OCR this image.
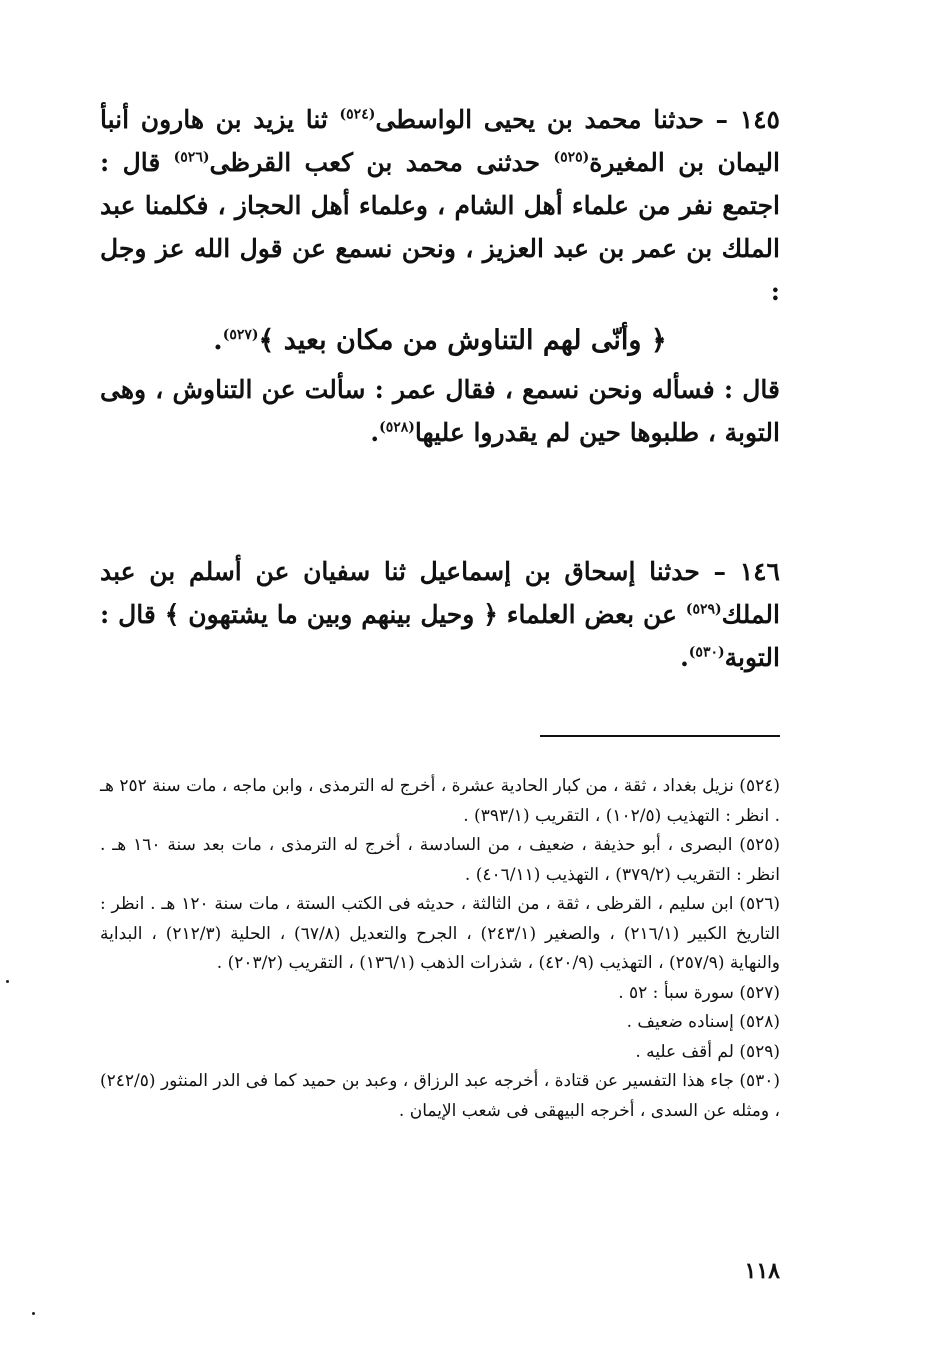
١٤٥ – حدثنا محمد بن يحيى الواسطى$^{(٥٢٤)}$ ثنا يزيد بن هارون أنبأ اليمان بن المغيرة$^{(٥٢٥)}$ حدثنى محمد بن كعب القرظى$^{(٥٢٦)}$ قال : اجتمع نفر من علماء أهل الشام ، وعلماء أهل الحجاز ، فكلمنا عبد الملك بن عمر بن عبد العزيز ، ونحن نسمع عن قول الله عز وجل :

﴿ وأنّى لهم التناوش من مكان بعيد ﴾$^{(٥٢٧)}$.

قال : فسأله ونحن نسمع ، فقال عمر : سألت عن التناوش ، وهى التوبة ، طلبوها حين لم يقدروا عليها$^{(٥٢٨)}$.

١٤٦ – حدثنا إسحاق بن إسماعيل ثنا سفيان عن أسلم بن عبد الملك$^{(٥٢٩)}$ عن بعض العلماء ﴿ وحيل بينهم وبين ما يشتهون ﴾ قال : التوبة$^{(٥٣٠)}$.

(٥٢٤) نزيل بغداد ، ثقة ، من كبار الحادية عشرة ، أخرج له الترمذى ، وابن ماجه ، مات سنة ٢٥٢ هـ . انظر : التهذيب (١٠٢/٥) ، التقريب (٣٩٣/١) .

(٥٢٥) البصرى ، أبو حذيفة ، ضعيف ، من السادسة ، أخرج له الترمذى ، مات بعد سنة ١٦٠ هـ . انظر : التقريب (٣٧٩/٢) ، التهذيب (٤٠٦/١١) .

(٥٢٦) ابن سليم ، القرظى ، ثقة ، من الثالثة ، حديثه فى الكتب الستة ، مات سنة ١٢٠ هـ . انظر : التاريخ الكبير (٢١٦/١) ، والصغير (٢٤٣/١) ، الجرح والتعديل (٦٧/٨) ، الحلية (٢١٢/٣) ، البداية والنهاية (٢٥٧/٩) ، التهذيب (٤٢٠/٩) ، شذرات الذهب (١٣٦/١) ، التقريب (٢٠٣/٢) .

(٥٢٧) سورة سبأ : ٥٢ .

(٥٢٨) إسناده ضعيف .

(٥٢٩) لم أقف عليه .

(٥٣٠) جاء هذا التفسير عن قتادة ، أخرجه عبد الرزاق ، وعبد بن حميد كما فى الدر المنثور (٢٤٢/٥) ، ومثله عن السدى ، أخرجه البيهقى فى شعب الإيمان .

١١٨
